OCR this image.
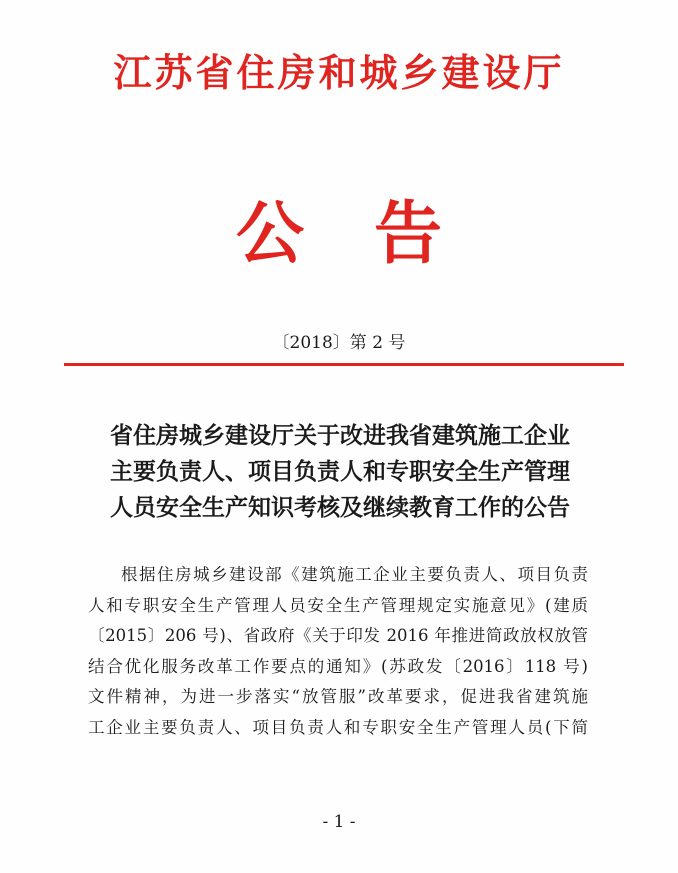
江苏省住房和城乡建设厅
公告
〔2018〕第 2 号
省住房城乡建设厅关于改进我省建筑施工企业
主要负责人、项目负责人和专职安全生产管理
人员安全生产知识考核及继续教育工作的公告
根据住房城乡建设部《建筑施工企业主要负责人、项目负责
人和专职安全生产管理人员安全生产管理规定实施意见》(建质
〔2015〕206 号)、省政府《关于印发 2016 年推进简政放权放管
结合优化服务改革工作要点的通知》(苏政发〔2016〕118 号)
文件精神，为进一步落实“放管服”改革要求，促进我省建筑施
工企业主要负责人、项目负责人和专职安全生产管理人员(下简
- 1 -
